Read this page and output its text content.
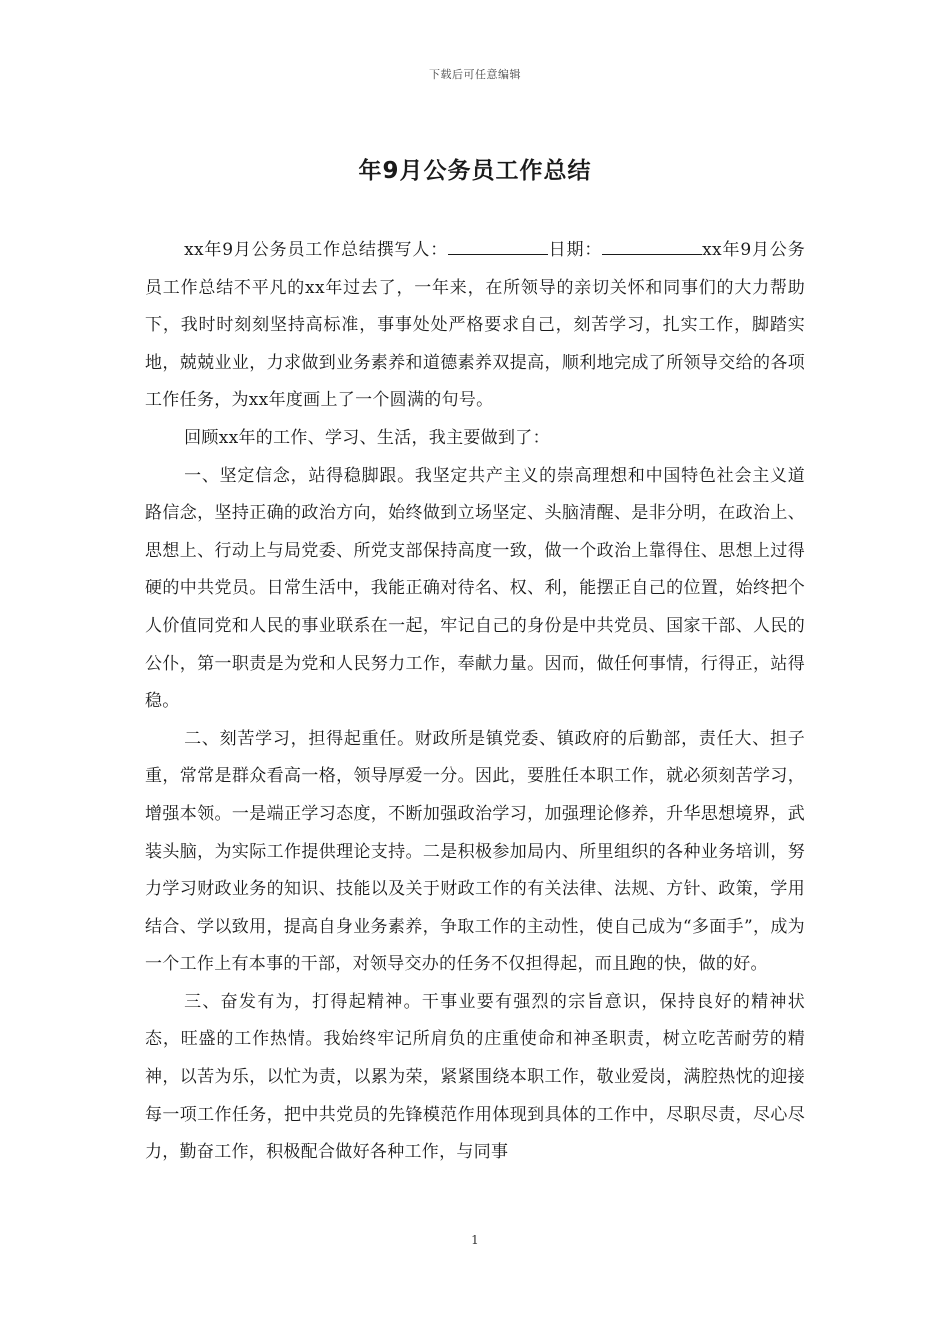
下载后可任意编辑
年9月公务员工作总结

xx年9月公务员工作总结撰写人：	日期：	xx年9月公务员工作总结不平凡的xx年过去了，一年来，在所领导的亲切关怀和同事们的大力帮助下，我时时刻刻坚持高标准，事事处处严格要求自己，刻苦学习，扎实工作，脚踏实地，兢兢业业，力求做到业务素养和道德素养双提高，顺利地完成了所领导交给的各项工作任务，为xx年度画上了一个圆满的句号。

回顾xx年的工作、学习、生活，我主要做到了：

一、坚定信念，站得稳脚跟。我坚定共产主义的崇高理想和中国特色社会主义道路信念，坚持正确的政治方向，始终做到立场坚定、头脑清醒、是非分明，在政治上、思想上、行动上与局党委、所党支部保持高度一致，做一个政治上靠得住、思想上过得硬的中共党员。日常生活中，我能正确对待名、权、利，能摆正自己的位置，始终把个人价值同党和人民的事业联系在一起，牢记自己的身份是中共党员、国家干部、人民的公仆，第一职责是为党和人民努力工作，奉献力量。因而，做任何事情，行得正，站得稳。

二、刻苦学习，担得起重任。财政所是镇党委、镇政府的后勤部，责任大、担子重，常常是群众看高一格，领导厚爱一分。因此，要胜任本职工作，就必须刻苦学习，增强本领。一是端正学习态度，不断加强政治学习，加强理论修养，升华思想境界，武装头脑，为实际工作提供理论支持。二是积极参加局内、所里组织的各种业务培训，努力学习财政业务的知识、技能以及关于财政工作的有关法律、法规、方针、政策，学用结合、学以致用，提高自身业务素养，争取工作的主动性，使自己成为“多面手”，成为一个工作上有本事的干部，对领导交办的任务不仅担得起，而且跑的快，做的好。

三、奋发有为，打得起精神。干事业要有强烈的宗旨意识，保持良好的精神状态，旺盛的工作热情。我始终牢记所肩负的庄重使命和神圣职责，树立吃苦耐劳的精神，以苦为乐，以忙为责，以累为荣，紧紧围绕本职工作，敬业爱岗，满腔热忱的迎接每一项工作任务，把中共党员的先锋模范作用体现到具体的工作中，尽职尽责，尽心尽力，勤奋工作，积极配合做好各种工作，与同事

1
